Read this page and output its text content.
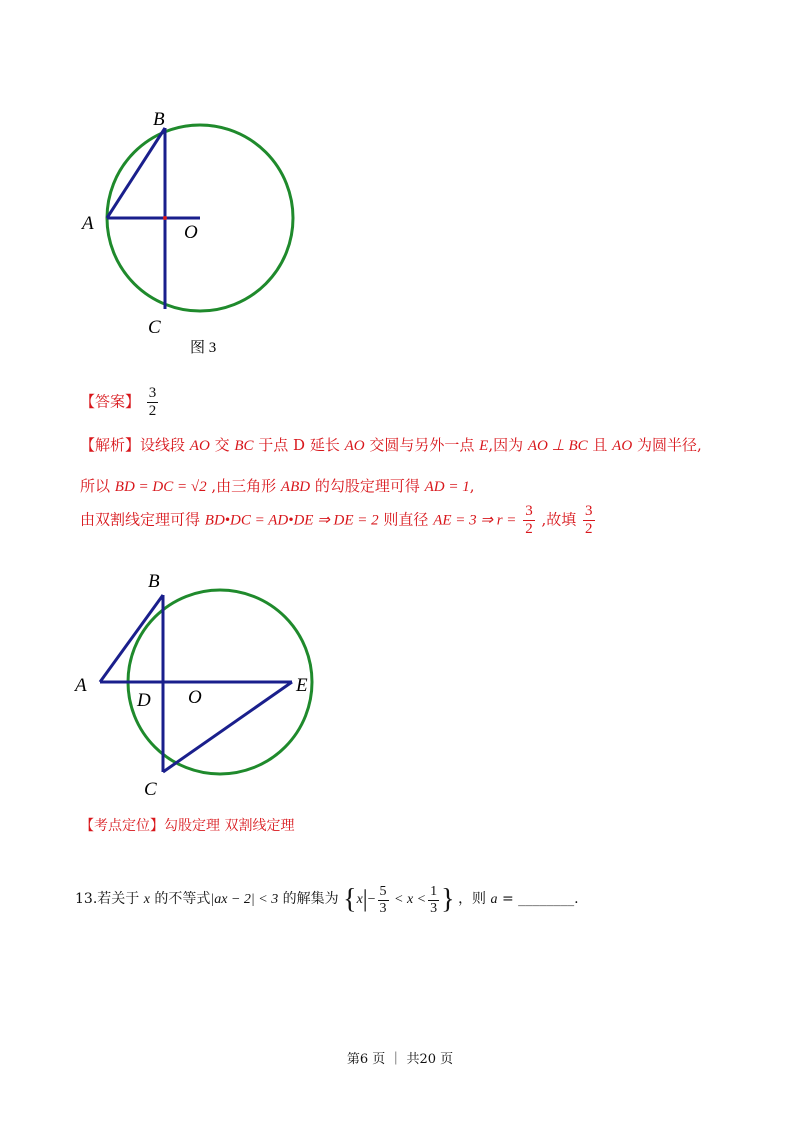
B
A	O
C
图 3
【答案】 $\frac{3}{2}$
【解析】设线段 AO 交 BC 于点 D 延长 AO 交圆与另外一点 E,因为 AO ⊥ BC 且 AO 为圆半径,
所以 BD = DC = √2 ,由三角形 ABD 的勾股定理可得 AD = 1,
由双割线定理可得 BD•DC = AD•DE ⇒ DE = 2 则直径 AE = 3 ⇒ $r = \frac{3}{2}$ ,故填 $\frac{3}{2}$
B
A
D O
E
C
【考点定位】勾股定理 双割线定理
13.若关于 x 的不等式|ax − 2| < 3 的解集为 {$x|- \frac{5}{3} < x < \frac{1}{3}$ } ，则 a = ________.
第6 页 ｜ 共20 页
